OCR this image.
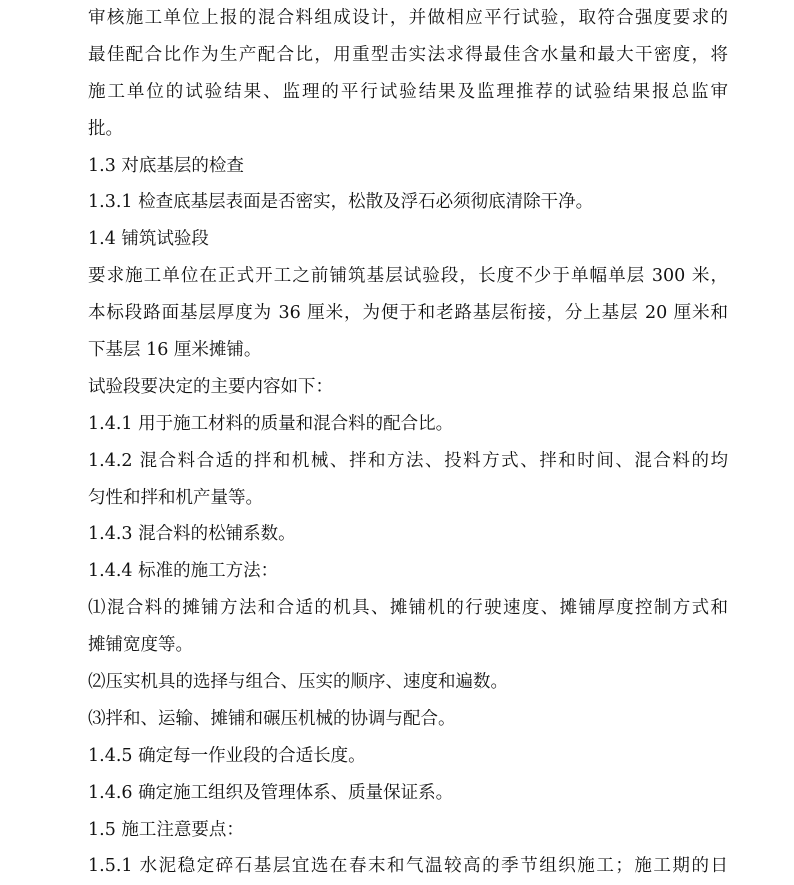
审核施工单位上报的混合料组成设计，并做相应平行试验，取符合强度要求的
最佳配合比作为生产配合比，用重型击实法求得最佳含水量和最大干密度，将
施工单位的试验结果、监理的平行试验结果及监理推荐的试验结果报总监审
批。
1.3 对底基层的检查
1.3.1 检查底基层表面是否密实，松散及浮石必须彻底清除干净。
1.4 铺筑试验段
要求施工单位在正式开工之前铺筑基层试验段，长度不少于单幅单层 300 米，
本标段路面基层厚度为 36 厘米，为便于和老路基层衔接，分上基层 20 厘米和
下基层 16 厘米摊铺。
试验段要决定的主要内容如下：
1.4.1 用于施工材料的质量和混合料的配合比。
1.4.2 混合料合适的拌和机械、拌和方法、投料方式、拌和时间、混合料的均
匀性和拌和机产量等。
1.4.3 混合料的松铺系数。
1.4.4 标准的施工方法：
⑴混合料的摊铺方法和合适的机具、摊铺机的行驶速度、摊铺厚度控制方式和
摊铺宽度等。
⑵压实机具的选择与组合、压实的顺序、速度和遍数。
⑶拌和、运输、摊铺和碾压机械的协调与配合。
1.4.5 确定每一作业段的合适长度。
1.4.6 确定施工组织及管理体系、质量保证系。
1.5 施工注意要点：
1.5.1 水泥稳定碎石基层宜选在春末和气温较高的季节组织施工；施工期的日
